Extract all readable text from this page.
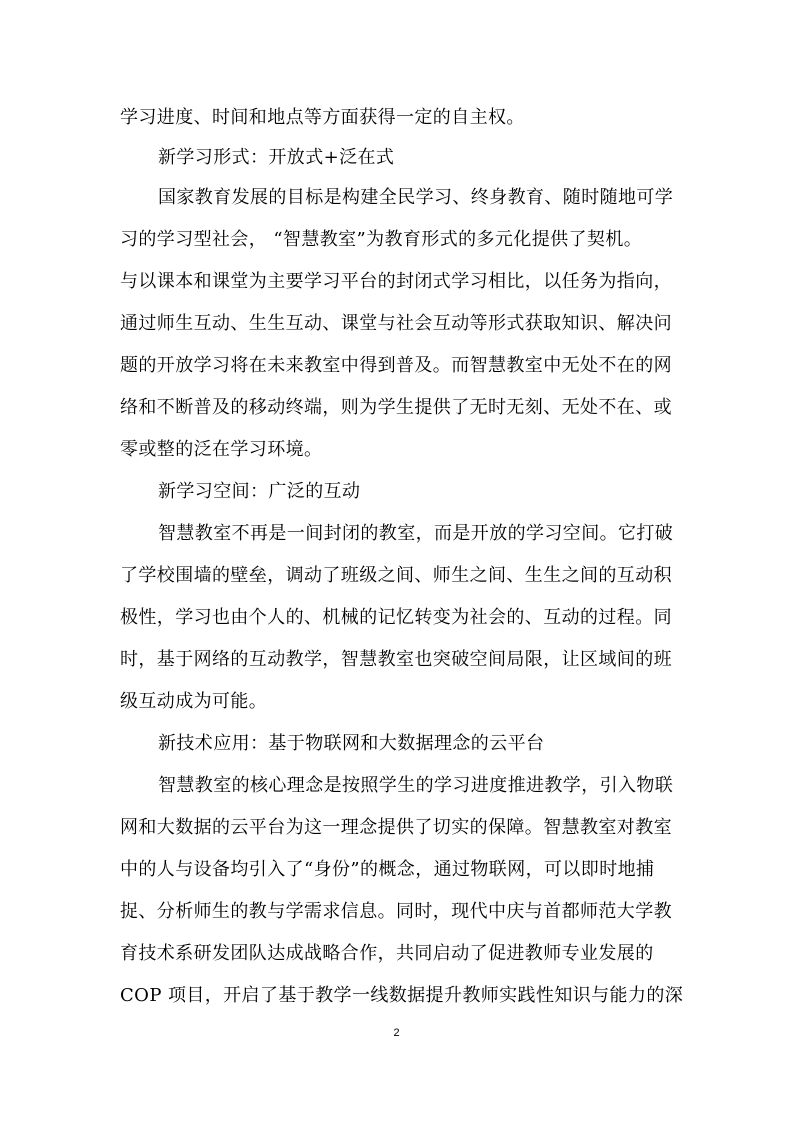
学习进度、时间和地点等方面获得一定的自主权。
新学习形式：开放式+泛在式
国家教育发展的目标是构建全民学习、终身教育、随时随地可学
习的学习型社会， “智慧教室”为教育形式的多元化提供了契机。
与以课本和课堂为主要学习平台的封闭式学习相比，以任务为指向，
通过师生互动、生生互动、课堂与社会互动等形式获取知识、解决问
题的开放学习将在未来教室中得到普及。而智慧教室中无处不在的网
络和不断普及的移动终端，则为学生提供了无时无刻、无处不在、或
零或整的泛在学习环境。
新学习空间：广泛的互动
智慧教室不再是一间封闭的教室，而是开放的学习空间。它打破
了学校围墙的壁垒，调动了班级之间、师生之间、生生之间的互动积
极性，学习也由个人的、机械的记忆转变为社会的、互动的过程。同
时，基于网络的互动教学，智慧教室也突破空间局限，让区域间的班
级互动成为可能。
新技术应用：基于物联网和大数据理念的云平台
智慧教室的核心理念是按照学生的学习进度推进教学，引入物联
网和大数据的云平台为这一理念提供了切实的保障。智慧教室对教室
中的人与设备均引入了“身份”的概念，通过物联网，可以即时地捕
捉、分析师生的教与学需求信息。同时，现代中庆与首都师范大学教
育技术系研发团队达成战略合作，共同启动了促进教师专业发展的
COP 项目，开启了基于教学一线数据提升教师实践性知识与能力的深
2
